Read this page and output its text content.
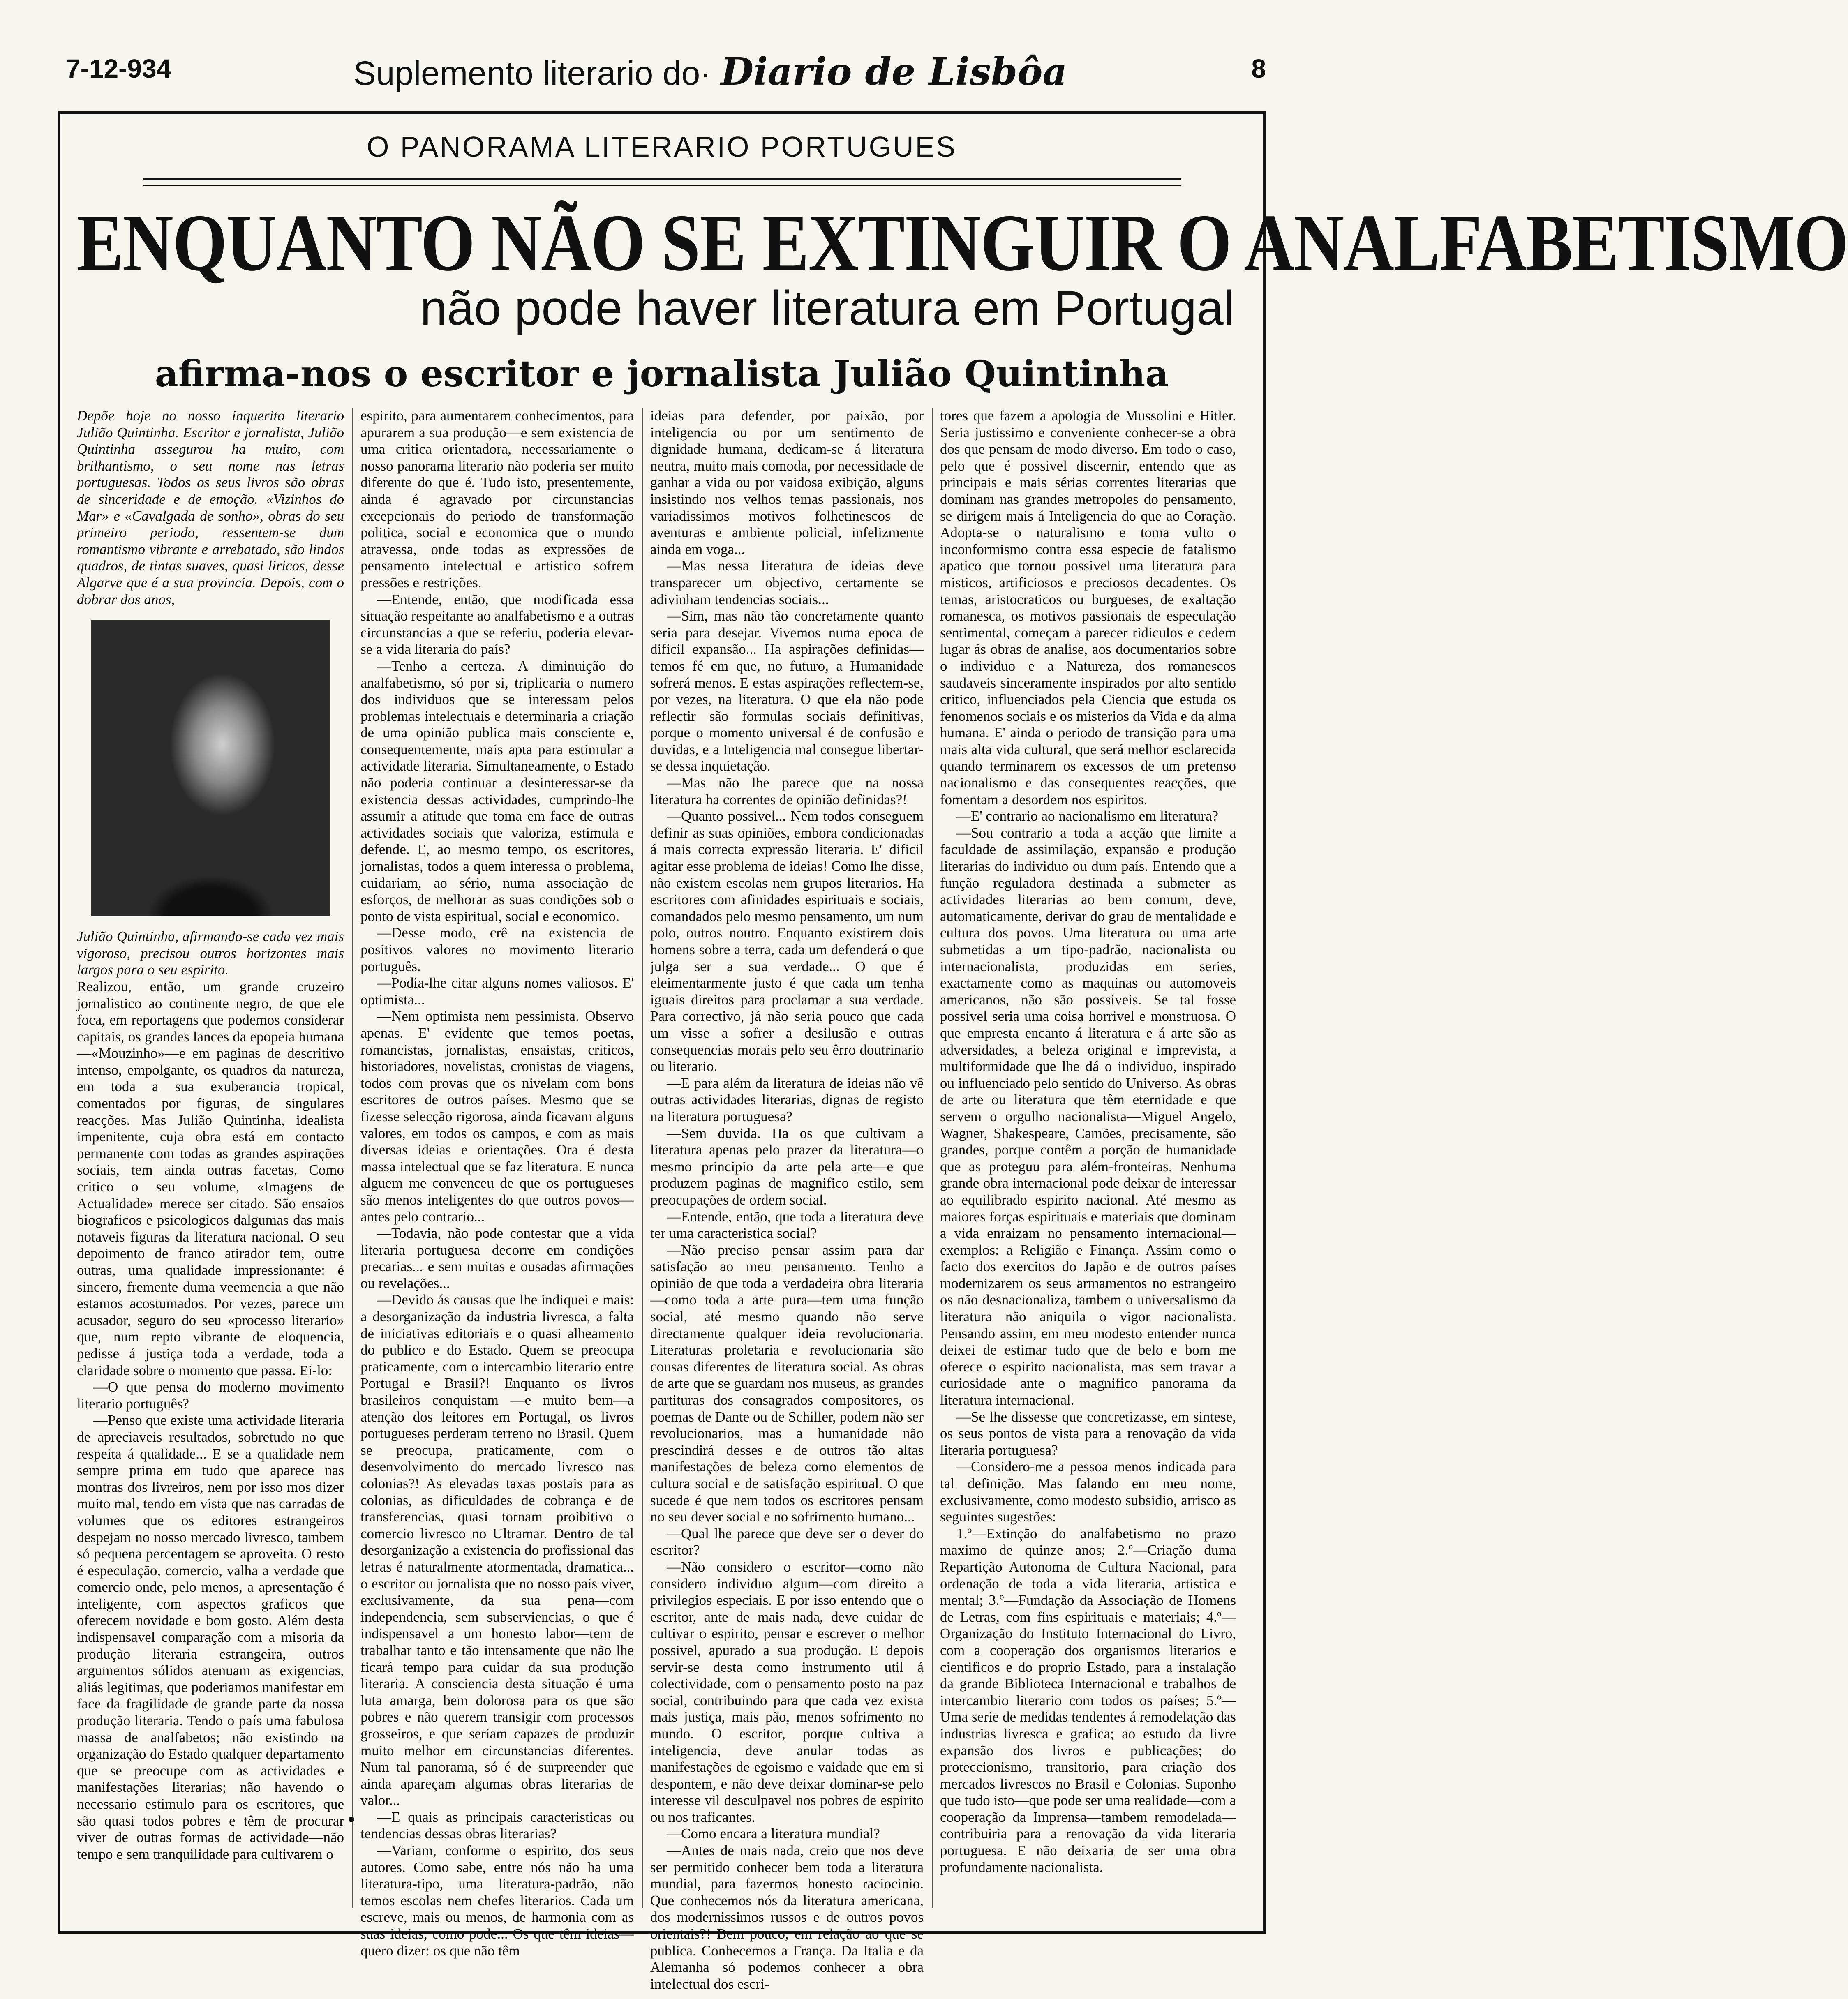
7-12-934	Suplemento literario do· Diario de Lisbôa	8
O PANORAMA LITERARIO PORTUGUES
ENQUANTO NÃO SE EXTINGUIR O ANALFABETISMO
não pode haver literatura em Portugal
afirma-nos o escritor e jornalista Julião Quintinha

Depõe hoje no nosso inquerito literario Julião Quintinha. Escritor e jornalista, Julião Quintinha assegurou ha muito, com brilhantismo, o seu nome nas letras portuguesas. Todos os seus livros são obras de sinceridade e de emoção. «Vizinhos do Mar» e «Cavalgada de sonho», obras do seu primeiro periodo, ressentem-se dum romantismo vibrante e arrebatado, são lindos quadros, de tintas suaves, quasi liricos, desse Algarve que é a sua provincia. Depois, com o dobrar dos anos,

Julião Quintinha, afirmando-se cada vez mais vigoroso, precisou outros horizontes mais largos para o seu espirito.

Realizou, então, um grande cruzeiro jornalistico ao continente negro, de que ele foca, em reportagens que podemos considerar capitais, os grandes lances da epopeia humana—«Mouzinho»—e em paginas de descritivo intenso, empolgante, os quadros da natureza, em toda a sua exuberancia tropical, comentados por figuras, de singulares reacções. Mas Julião Quintinha, idealista impenitente, cuja obra está em contacto permanente com todas as grandes aspirações sociais, tem ainda outras facetas. Como critico o seu volume, «Imagens de Actualidade» merece ser citado. São ensaios biograficos e psicologicos dalgumas das mais notaveis figuras da literatura nacional. O seu depoimento de franco atirador tem, outre outras, uma qualidade impressionante: é sincero, fremente duma veemencia a que não estamos acostumados. Por vezes, parece um acusador, seguro do seu «processo literario» que, num repto vibrante de eloquencia, pedisse á justiça toda a verdade, toda a claridade sobre o momento que passa. Ei-lo:

—O que pensa do moderno movimento literario português?

—Penso que existe uma actividade literaria de apreciaveis resultados, sobretudo no que respeita á qualidade... E se a qualidade nem sempre prima em tudo que aparece nas montras dos livreiros, nem por isso mos dizer muito mal, tendo em vista que nas carradas de volumes que os editores estrangeiros despejam no nosso mercado livresco, tambem só pequena percentagem se aproveita. O resto é especulação, comercio, valha a verdade que comercio onde, pelo menos, a apresentação é inteligente, com aspectos graficos que oferecem novidade e bom gosto. Além desta indispensavel comparação com a misoria da produção literaria estrangeira, outros argumentos sólidos atenuam as exigencias, aliás legitimas, que poderiamos manifestar em face da fragilidade de grande parte da nossa produção literaria. Tendo o país uma fabulosa massa de analfabetos; não existindo na organização do Estado qualquer departamento que se preocupe com as actividades e manifestações literarias; não havendo o necessario estimulo para os escritores, que são quasi todos pobres e têm de procurar viver de outras formas de actividade—não tempo e sem tranquilidade para cultivarem o

espirito, para aumentarem conhecimentos, para apurarem a sua produção—e sem existencia de uma critica orientadora, necessariamente o nosso panorama literario não poderia ser muito diferente do que é. Tudo isto, presentemente, ainda é agravado por circunstancias excepcionais do periodo de transformação politica, social e economica que o mundo atravessa, onde todas as expressões de pensamento intelectual e artistico sofrem pressões e restrições.

—Entende, então, que modificada essa situação respeitante ao analfabetismo e a outras circunstancias a que se referiu, poderia elevar-se a vida literaria do país?

—Tenho a certeza. A diminuição do analfabetismo, só por si, triplicaria o numero dos individuos que se interessam pelos problemas intelectuais e determinaria a criação de uma opinião publica mais consciente e, consequentemente, mais apta para estimular a actividade literaria. Simultaneamente, o Estado não poderia continuar a desinteressar-se da existencia dessas actividades, cumprindo-lhe assumir a atitude que toma em face de outras actividades sociais que valoriza, estimula e defende. E, ao mesmo tempo, os escritores, jornalistas, todos a quem interessa o problema, cuidariam, ao sério, numa associação de esforços, de melhorar as suas condições sob o ponto de vista espiritual, social e economico.

—Desse modo, crê na existencia de positivos valores no movimento literario português.

—Podia-lhe citar alguns nomes valiosos. E' optimista...

—Nem optimista nem pessimista. Observo apenas. E' evidente que temos poetas, romancistas, jornalistas, ensaistas, criticos, historiadores, novelistas, cronistas de viagens, todos com provas que os nivelam com bons escritores de outros países. Mesmo que se fizesse selecção rigorosa, ainda ficavam alguns valores, em todos os campos, e com as mais diversas ideias e orientações. Ora é desta massa intelectual que se faz literatura. E nunca alguem me convenceu de que os portugueses são menos inteligentes do que outros povos—antes pelo contrario...

—Todavia, não pode contestar que a vida literaria portuguesa decorre em condições precarias... e sem muitas e ousadas afirmações ou revelações...

—Devido ás causas que lhe indiquei e mais: a desorganização da industria livresca, a falta de iniciativas editoriais e o quasi alheamento do publico e do Estado. Quem se preocupa praticamente, com o intercambio literario entre Portugal e Brasil?! Enquanto os livros brasileiros conquistam —e muito bem—a atenção dos leitores em Portugal, os livros portugueses perderam terreno no Brasil. Quem se preocupa, praticamente, com o desenvolvimento do mercado livresco nas colonias?! As elevadas taxas postais para as colonias, as dificuldades de cobrança e de transferencias, quasi tornam proibitivo o comercio livresco no Ultramar. Dentro de tal desorganização a existencia do profissional das letras é naturalmente atormentada, dramatica... o escritor ou jornalista que no nosso país viver, exclusivamente, da sua pena—com independencia, sem subserviencias, o que é indispensavel a um honesto labor—tem de trabalhar tanto e tão intensamente que não lhe ficará tempo para cuidar da sua produção literaria. A consciencia desta situação é uma luta amarga, bem dolorosa para os que são pobres e não querem transigir com processos grosseiros, e que seriam capazes de produzir muito melhor em circunstancias diferentes. Num tal panorama, só é de surpreender que ainda apareçam algumas obras literarias de valor...

—E quais as principais caracteristicas ou tendencias dessas obras literarias?

—Variam, conforme o espirito, dos seus autores. Como sabe, entre nós não ha uma literatura-tipo, uma literatura-padrão, não temos escolas nem chefes literarios. Cada um escreve, mais ou menos, de harmonia com as suas ideias, como pode... Os que têm ideias—quero dizer: os que não têm

ideias para defender, por paixão, por inteligencia ou por um sentimento de dignidade humana, dedicam-se á literatura neutra, muito mais comoda, por necessidade de ganhar a vida ou por vaidosa exibição, alguns insistindo nos velhos temas passionais, nos variadissimos motivos folhetinescos de aventuras e ambiente policial, infelizmente ainda em voga...

—Mas nessa literatura de ideias deve transparecer um objectivo, certamente se adivinham tendencias sociais...

—Sim, mas não tão concretamente quanto seria para desejar. Vivemos numa epoca de dificil expansão... Ha aspirações definidas—temos fé em que, no futuro, a Humanidade sofrerá menos. E estas aspirações reflectem-se, por vezes, na literatura. O que ela não pode reflectir são formulas sociais definitivas, porque o momento universal é de confusão e duvidas, e a Inteligencia mal consegue libertar-se dessa inquietação.

—Mas não lhe parece que na nossa literatura ha correntes de opinião definidas?!

—Quanto possivel... Nem todos conseguem definir as suas opiniões, embora condicionadas á mais correcta expressão literaria. E' dificil agitar esse problema de ideias! Como lhe disse, não existem escolas nem grupos literarios. Ha escritores com afinidades espirituais e sociais, comandados pelo mesmo pensamento, um num polo, outros noutro. Enquanto existirem dois homens sobre a terra, cada um defenderá o que julga ser a sua verdade... O que é eleimentarmente justo é que cada um tenha iguais direitos para proclamar a sua verdade. Para correctivo, já não seria pouco que cada um visse a sofrer a desilusão e outras consequencias morais pelo seu êrro doutrinario ou literario.

—E para além da literatura de ideias não vê outras actividades literarias, dignas de registo na literatura portuguesa?

—Sem duvida. Ha os que cultivam a literatura apenas pelo prazer da literatura—o mesmo principio da arte pela arte—e que produzem paginas de magnifico estilo, sem preocupações de ordem social.

—Entende, então, que toda a literatura deve ter uma caracteristica social?

—Não preciso pensar assim para dar satisfação ao meu pensamento. Tenho a opinião de que toda a verdadeira obra literaria—como toda a arte pura—tem uma função social, até mesmo quando não serve directamente qualquer ideia revolucionaria. Literaturas proletaria e revolucionaria são cousas diferentes de literatura social. As obras de arte que se guardam nos museus, as grandes partituras dos consagrados compositores, os poemas de Dante ou de Schiller, podem não ser revolucionarios, mas a humanidade não prescindirá desses e de outros tão altas manifestações de beleza como elementos de cultura social e de satisfação espiritual. O que sucede é que nem todos os escritores pensam no seu dever social e no sofrimento humano...

—Qual lhe parece que deve ser o dever do escritor?

—Não considero o escritor—como não considero individuo algum—com direito a privilegios especiais. E por isso entendo que o escritor, ante de mais nada, deve cuidar de cultivar o espirito, pensar e escrever o melhor possivel, apurado a sua produção. E depois servir-se desta como instrumento util á colectividade, com o pensamento posto na paz social, contribuindo para que cada vez exista mais justiça, mais pão, menos sofrimento no mundo. O escritor, porque cultiva a inteligencia, deve anular todas as manifestações de egoismo e vaidade que em si despontem, e não deve deixar dominar-se pelo interesse vil desculpavel nos pobres de espirito ou nos traficantes.

—Como encara a literatura mundial?

—Antes de mais nada, creio que nos deve ser permitido conhecer bem toda a literatura mundial, para fazermos honesto raciocinio. Que conhecemos nós da literatura americana, dos modernissimos russos e de outros povos orientais?! Bem pouco, em relação ao que se publica. Conhecemos a França. Da Italia e da Alemanha só podemos conhecer a obra intelectual dos escri-

tores que fazem a apologia de Mussolini e Hitler. Seria justissimo e conveniente conhecer-se a obra dos que pensam de modo diverso. Em todo o caso, pelo que é possivel discernir, entendo que as principais e mais sérias correntes literarias que dominam nas grandes metropoles do pensamento, se dirigem mais á Inteligencia do que ao Coração. Adopta-se o naturalismo e toma vulto o inconformismo contra essa especie de fatalismo apatico que tornou possivel uma literatura para misticos, artificiosos e preciosos decadentes. Os temas, aristocraticos ou burgueses, de exaltação romanesca, os motivos passionais de especulação sentimental, começam a parecer ridiculos e cedem lugar ás obras de analise, aos documentarios sobre o individuo e a Natureza, dos romanescos saudaveis sinceramente inspirados por alto sentido critico, influenciados pela Ciencia que estuda os fenomenos sociais e os misterios da Vida e da alma humana. E' ainda o periodo de transição para uma mais alta vida cultural, que será melhor esclarecida quando terminarem os excessos de um pretenso nacionalismo e das consequentes reacções, que fomentam a desordem nos espiritos.

—E' contrario ao nacionalismo em literatura?

—Sou contrario a toda a acção que limite a faculdade de assimilação, expansão e produção literarias do individuo ou dum país. Entendo que a função reguladora destinada a submeter as actividades literarias ao bem comum, deve, automaticamente, derivar do grau de mentalidade e cultura dos povos. Uma literatura ou uma arte submetidas a um tipo-padrão, nacionalista ou internacionalista, produzidas em series, exactamente como as maquinas ou automoveis americanos, não são possiveis. Se tal fosse possivel seria uma coisa horrivel e monstruosa. O que empresta encanto á literatura e á arte são as adversidades, a beleza original e imprevista, a multiformidade que lhe dá o individuo, inspirado ou influenciado pelo sentido do Universo. As obras de arte ou literatura que têm eternidade e que servem o orgulho nacionalista—Miguel Angelo, Wagner, Shakespeare, Camões, precisamente, são grandes, porque contêm a porção de humanidade que as proteguu para além-fronteiras. Nenhuma grande obra internacional pode deixar de interessar ao equilibrado espirito nacional. Até mesmo as maiores forças espirituais e materiais que dominam a vida enraizam no pensamento internacional—exemplos: a Religião e Finança. Assim como o facto dos exercitos do Japão e de outros países modernizarem os seus armamentos no estrangeiro os não desnacionaliza, tambem o universalismo da literatura não aniquila o vigor nacionalista. Pensando assim, em meu modesto entender nunca deixei de estimar tudo que de belo e bom me oferece o espirito nacionalista, mas sem travar a curiosidade ante o magnifico panorama da literatura internacional.

—Se lhe dissesse que concretizasse, em sintese, os seus pontos de vista para a renovação da vida literaria portuguesa?

—Considero-me a pessoa menos indicada para tal definição. Mas falando em meu nome, exclusivamente, como modesto subsidio, arrisco as seguintes sugestões:

1.º—Extinção do analfabetismo no prazo maximo de quinze anos; 2.º—Criação duma Repartição Autonoma de Cultura Nacional, para ordenação de toda a vida literaria, artistica e mental; 3.º—Fundação da Associação de Homens de Letras, com fins espirituais e materiais; 4.º—Organização do Instituto Internacional do Livro, com a cooperação dos organismos literarios e cientificos e do proprio Estado, para a instalação da grande Biblioteca Internacional e trabalhos de intercambio literario com todos os países; 5.º—Uma serie de medidas tendentes á remodelação das industrias livresca e grafica; ao estudo da livre expansão dos livros e publicações; do proteccionismo, transitorio, para criação dos mercados livrescos no Brasil e Colonias. Suponho que tudo isto—que pode ser uma realidade—com a cooperação da Imprensa—tambem remodelada—contribuiria para a renovação da vida literaria portuguesa. E não deixaria de ser uma obra profundamente nacionalista.
